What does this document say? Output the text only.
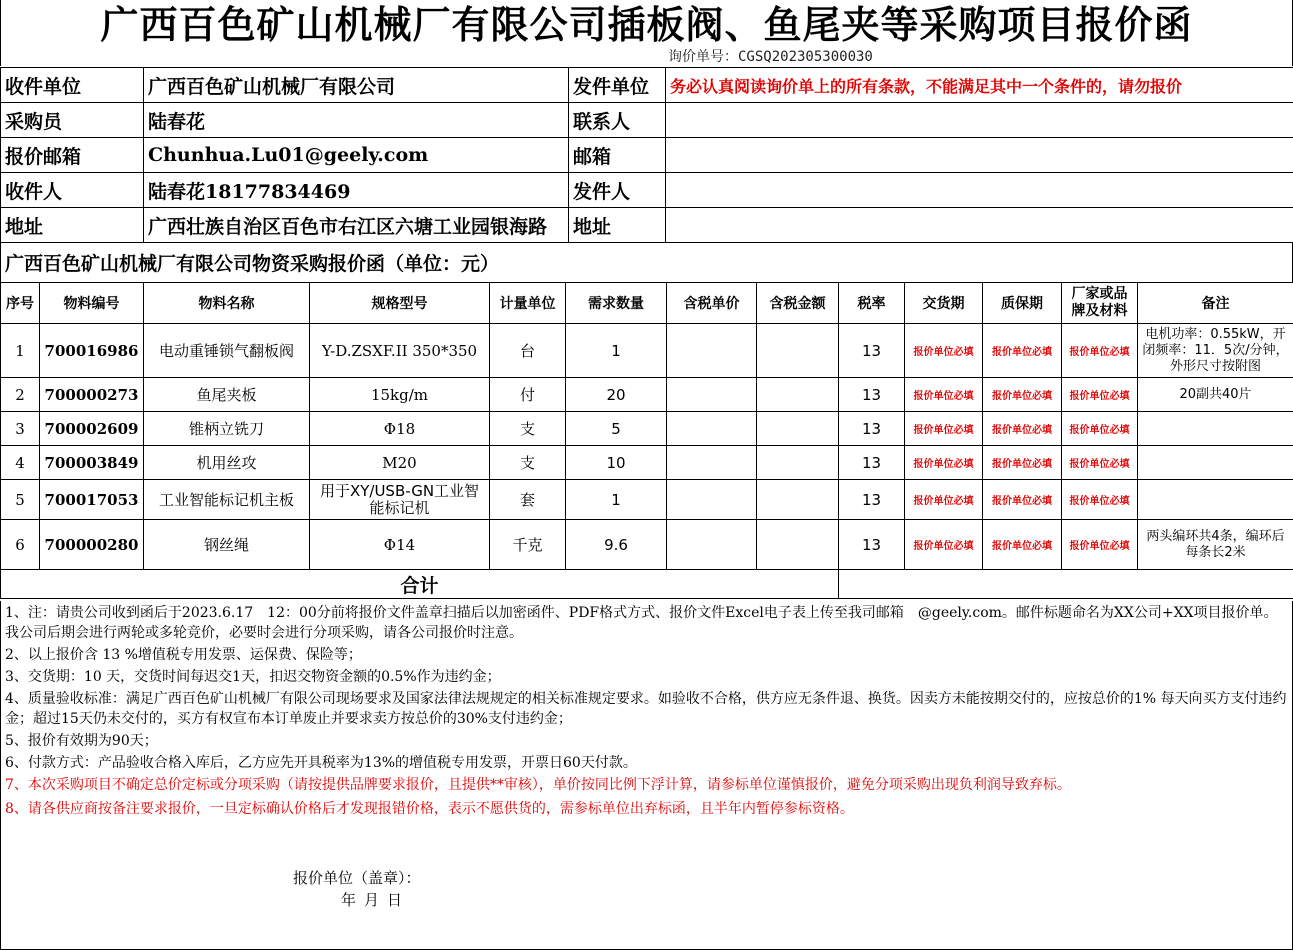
广西百色矿山机械厂有限公司插板阀、鱼尾夹等采购项目报价函
询价单号：CGSQ202305300030
收件单位	广西百色矿山机械厂有限公司	发件单位	务必认真阅读询价单上的所有条款，不能满足其中一个条件的，请勿报价
采购员	陆春花	联系人	
报价邮箱	Chunhua.Lu01@geely.com	邮箱	
收件人	陆春花18177834469	发件人	
地址	广西壮族自治区百色市右江区六塘工业园银海路	地址	
广西百色矿山机械厂有限公司物资采购报价函（单位：元）
序号	物料编号	物料名称	规格型号	计量单位	需求数量	含税单价	含税金额	税率	交货期	质保期	厂家或品牌及材料	备注
1	700016986	电动重锤锁气翻板阀	Y-D.ZSXF.II 350*350	台	1			13	报价单位必填	报价单位必填	报价单位必填	电机功率：0.55kW，开闭频率：11．5次/分钟，外形尺寸按附图
2	700000273	鱼尾夹板	15kg/m	付	20			13	报价单位必填	报价单位必填	报价单位必填	20副共40片
3	700002609	锥柄立铣刀	Φ18	支	5			13	报价单位必填	报价单位必填	报价单位必填	
4	700003849	机用丝攻	M20	支	10			13	报价单位必填	报价单位必填	报价单位必填	
5	700017053	工业智能标记机主板	用于XY/USB-GN工业智能标记机	套	1			13	报价单位必填	报价单位必填	报价单位必填	
6	700000280	钢丝绳	Φ14	千克	9.6			13	报价单位必填	报价单位必填	报价单位必填	两头编环共4条，编环后每条长2米
合计												
1、注：请贵公司收到函后于2023.6.17　12：00分前将报价文件盖章扫描后以加密函件、PDF格式方式、报价文件Excel电子表上传至我司邮箱　@geely.com。邮件标题命名为XX公司+XX项目报价单。我公司后期会进行两轮或多轮竞价，必要时会进行分项采购，请各公司报价时注意。
2、以上报价含 13 %增值税专用发票、运保费、保险等；
3、交货期：10 天，交货时间每迟交1天，扣迟交物资金额的0.5%作为违约金；
4、质量验收标准：满足广西百色矿山机械厂有限公司现场要求及国家法律法规规定的相关标准规定要求。如验收不合格，供方应无条件退、换货。因卖方未能按期交付的，应按总价的1% 每天向买方支付违约金；超过15天仍未交付的，买方有权宣布本订单废止并要求卖方按总价的30%支付违约金；
5、报价有效期为90天；
6、付款方式：产品验收合格入库后，乙方应先开具税率为13%的增值税专用发票，开票日60天付款。
7、本次采购项目不确定总价定标或分项采购（请按提供品牌要求报价，且提供**审核），单价按同比例下浮计算，请参标单位谨慎报价，避免分项采购出现负利润导致弃标。
8、请各供应商按备注要求报价，一旦定标确认价格后才发现报错价格，表示不愿供货的，需参标单位出弃标函，且半年内暂停参标资格。
报价单位（盖章）：
年月日
